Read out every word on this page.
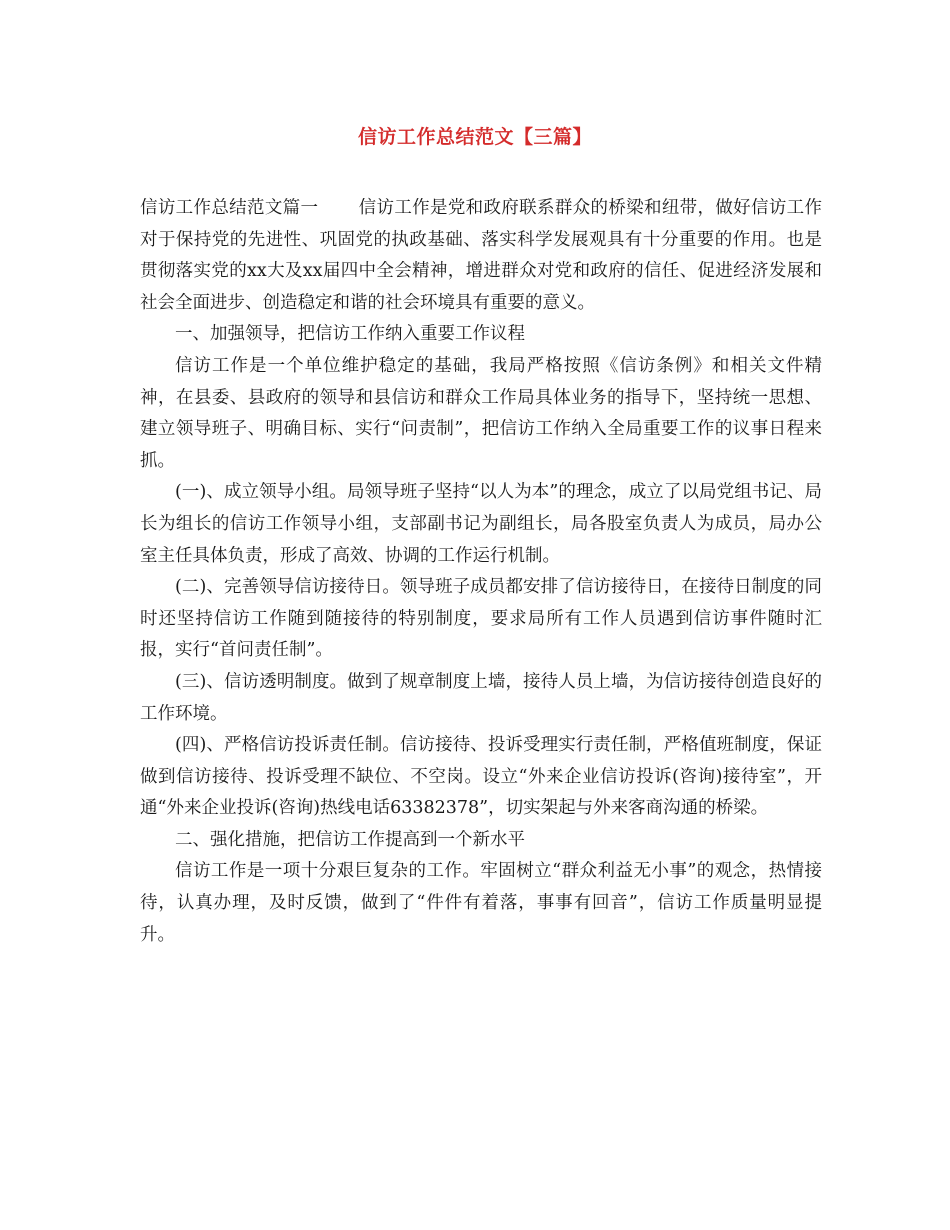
信访工作总结范文【三篇】

信访工作总结范文篇一 信访工作是党和政府联系群众的桥梁和纽带，做好信访工作对于保持党的先进性、巩固党的执政基础、落实科学发展观具有十分重要的作用。也是贯彻落实党的xx大及xx届四中全会精神，增进群众对党和政府的信任、促进经济发展和社会全面进步、创造稳定和谐的社会环境具有重要的意义。

一、加强领导，把信访工作纳入重要工作议程

信访工作是一个单位维护稳定的基础，我局严格按照《信访条例》和相关文件精神，在县委、县政府的领导和县信访和群众工作局具体业务的指导下，坚持统一思想、建立领导班子、明确目标、实行“问责制”，把信访工作纳入全局重要工作的议事日程来抓。

(一)、成立领导小组。局领导班子坚持“以人为本”的理念，成立了以局党组书记、局长为组长的信访工作领导小组，支部副书记为副组长，局各股室负责人为成员，局办公室主任具体负责，形成了高效、协调的工作运行机制。

(二)、完善领导信访接待日。领导班子成员都安排了信访接待日，在接待日制度的同时还坚持信访工作随到随接待的特别制度，要求局所有工作人员遇到信访事件随时汇报，实行“首问责任制”。

(三)、信访透明制度。做到了规章制度上墙，接待人员上墙，为信访接待创造良好的工作环境。

(四)、严格信访投诉责任制。信访接待、投诉受理实行责任制，严格值班制度，保证做到信访接待、投诉受理不缺位、不空岗。设立“外来企业信访投诉(咨询)接待室”，开通“外来企业投诉(咨询)热线电话63382378”，切实架起与外来客商沟通的桥梁。

二、强化措施，把信访工作提高到一个新水平

信访工作是一项十分艰巨复杂的工作。牢固树立“群众利益无小事”的观念，热情接待，认真办理，及时反馈，做到了“件件有着落，事事有回音”，信访工作质量明显提升。
